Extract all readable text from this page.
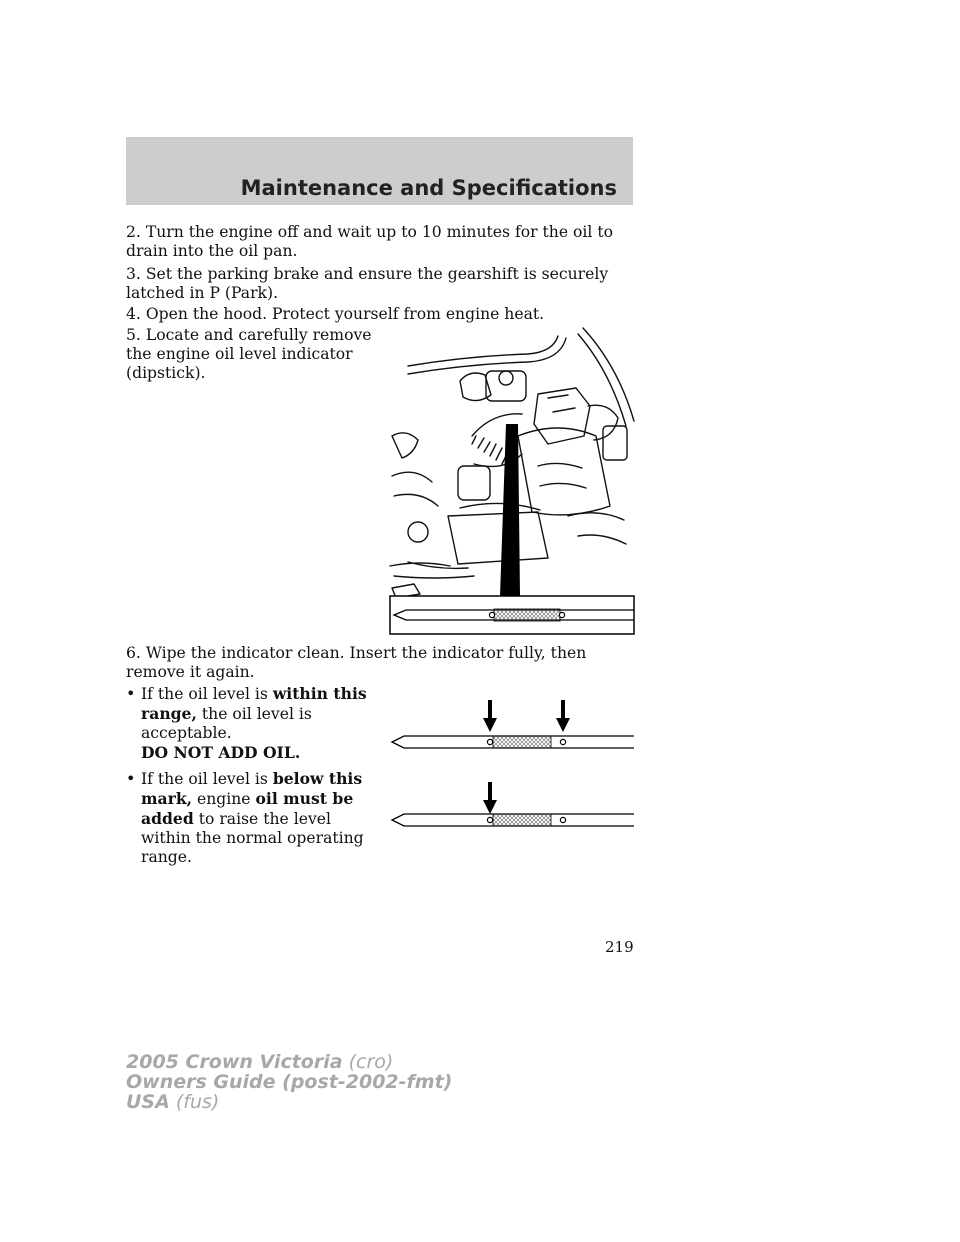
Maintenance and Specifications
2. Turn the engine off and wait up to 10 minutes for the oil to drain into the oil pan.
3. Set the parking brake and ensure the gearshift is securely latched in P (Park).
4. Open the hood. Protect yourself from engine heat.
5. Locate and carefully remove the engine oil level indicator (dipstick).
6. Wipe the indicator clean. Insert the indicator fully, then remove it again.
• If the oil level is within this range, the oil level is acceptable.
DO NOT ADD OIL.
• If the oil level is below this mark, engine oil must be added to raise the level within the normal operating range.
219
2005 Crown Victoria (cro)
Owners Guide (post-2002-fmt)
USA (fus)
